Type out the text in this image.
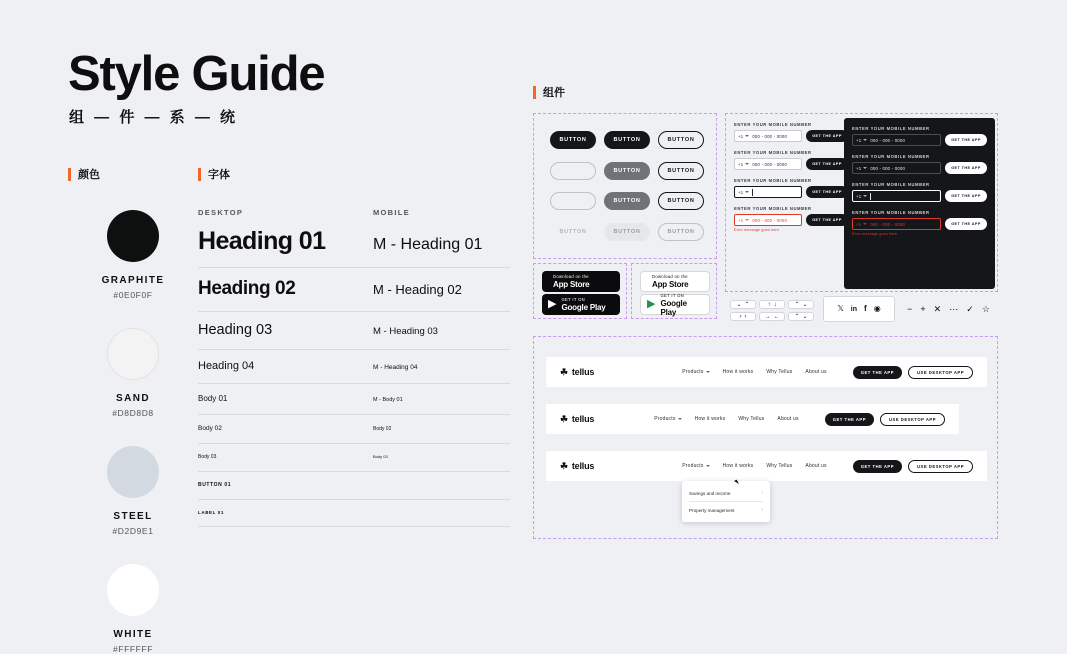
Style Guide
组 — 件 — 系 — 统
颜色
GRAPHITE
#0E0F0F
SAND
#D8D8D8
STEEL
#D2D9E1
WHITE
#FFFFFF
字体
DESKTOP	MOBILE
Heading 01	M - Heading 01
Heading 02	M - Heading 02
Heading 03	M - Heading 03
Heading 04	M - Heading 04
Body 01	M - Body 01
Body 02	Body 02
Body 03	Body 03
BUTTON 01
LABEL 01
组件
BUTTON	BUTTON	BUTTON
BUTTON	BUTTON
BUTTON	BUTTON
BUTTON	BUTTON	BUTTON
Download on the
App Store
▶ GET IT ON
Google Play
Download on the
App Store
▶
GET IT ON
Google Play
ENTER YOUR MOBILE NUMBER
+1 000 - 000 - 0000	GET THE APP
ENTER YOUR MOBILE NUMBER
+1 000 - 000 - 0000	GET THE APP
ENTER YOUR MOBILE NUMBER
+1	GET THE APP
ENTER YOUR MOBILE NUMBER
+1 000 - 000 - 0000	GET THE APP
Error message goes here
ENTER YOUR MOBILE NUMBER
+1 000 - 000 - 0000	GET THE APP
ENTER YOUR MOBILE NUMBER
+1 000 - 000 - 0000	GET THE APP
ENTER YOUR MOBILE NUMBER
+1	GET THE APP
ENTER YOUR MOBILE NUMBER
+1 000 - 000 - 0000	GET THE APP
Error message goes here
⌄ ⌃	↑ ↓	⌃ ⌄
› ‹	→ ← ⌃ ⌄
𝕏 in f ◉	− + ✕ ⋯ ✓ ☆
☘ tellus	Products	How it works	Why Tellus	About us	GET THE APP	USE DESKTOP APP
☘ tellus	Products	How it works	Why Tellus	About us	GET THE APP	USE DESKTOP APP
☘ tellus	Products	How it works	Why Tellus	About us	GET THE APP	USE DESKTOP APP
Savings and income	›
Property management	›
